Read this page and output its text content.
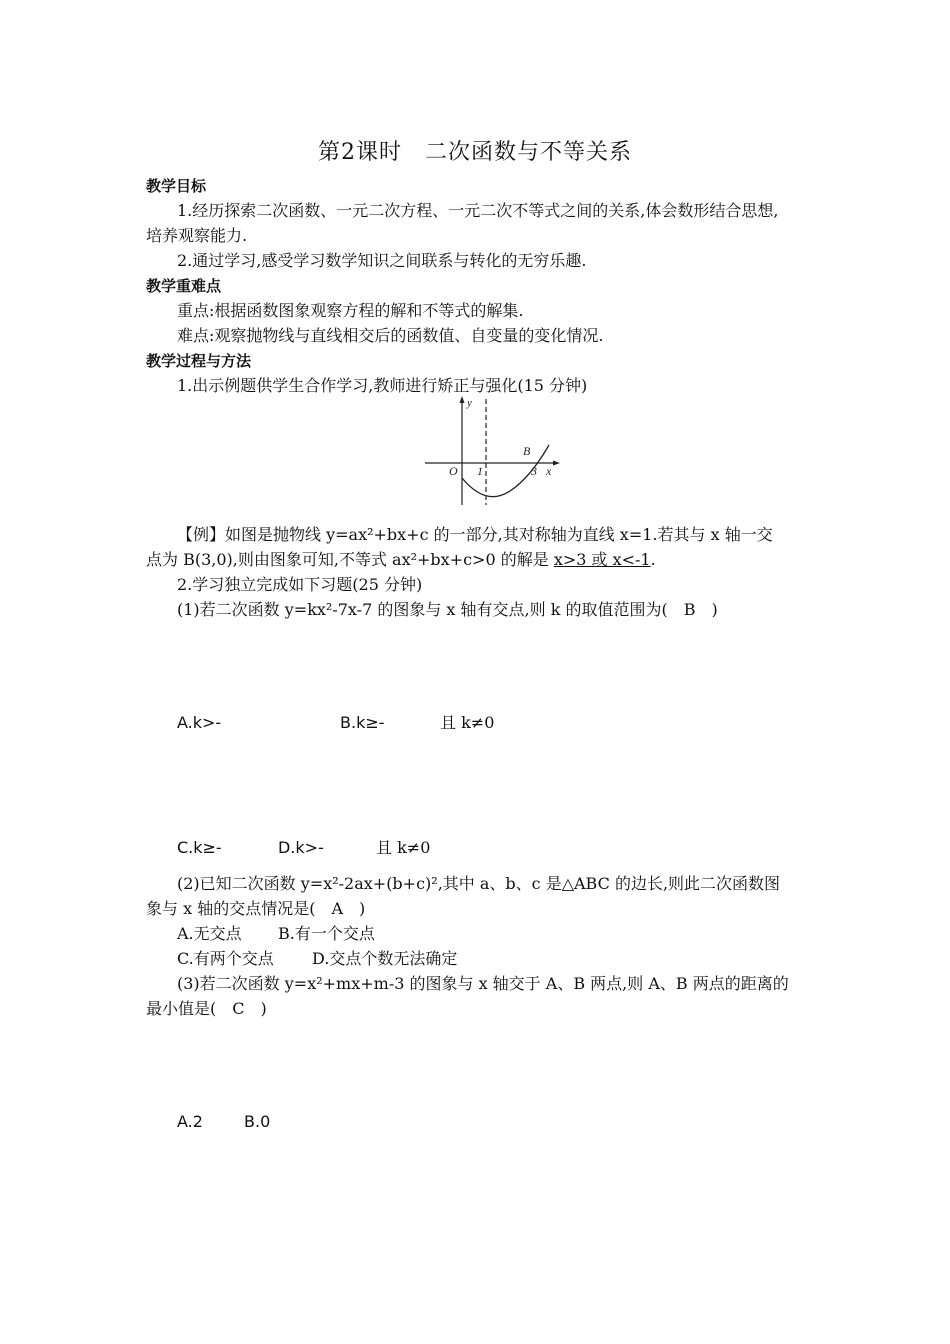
第2课时　二次函数与不等关系
教学目标
1.经历探索二次函数、一元二次方程、一元二次不等式之间的关系,体会数形结合思想,
培养观察能力.
2.通过学习,感受学习数学知识之间联系与转化的无穷乐趣.
教学重难点
重点:根据函数图象观察方程的解和不等式的解集.
难点:观察抛物线与直线相交后的函数值、自变量的变化情况.
教学过程与方法
1.出示例题供学生合作学习,教师进行矫正与强化(15 分钟)
y
x
O 1	3
B
【例】如图是抛物线 y=ax²+bx+c 的一部分,其对称轴为直线 x=1.若其与 x 轴一交
点为 B(3,0),则由图象可知,不等式 ax²+bx+c>0 的解是 x>3 或 x<-1.
2.学习独立完成如下习题(25 分钟)
(1)若二次函数 y=kx²-7x-7 的图象与 x 轴有交点,则 k 的取值范围为(　B　)
A.k>-	B.k≥-	且 k≠0
C.k≥-	D.k>-	且 k≠0
(2)已知二次函数 y=x²-2ax+(b+c)²,其中 a、b、c 是△ABC 的边长,则此二次函数图
象与 x 轴的交点情况是(　A　)
A.无交点 B.有一个交点
C.有两个交点 D.交点个数无法确定
(3)若二次函数 y=x²+mx+m-3 的图象与 x 轴交于 A、B 两点,则 A、B 两点的距离的
最小值是(　C　)
A.2	B.0
